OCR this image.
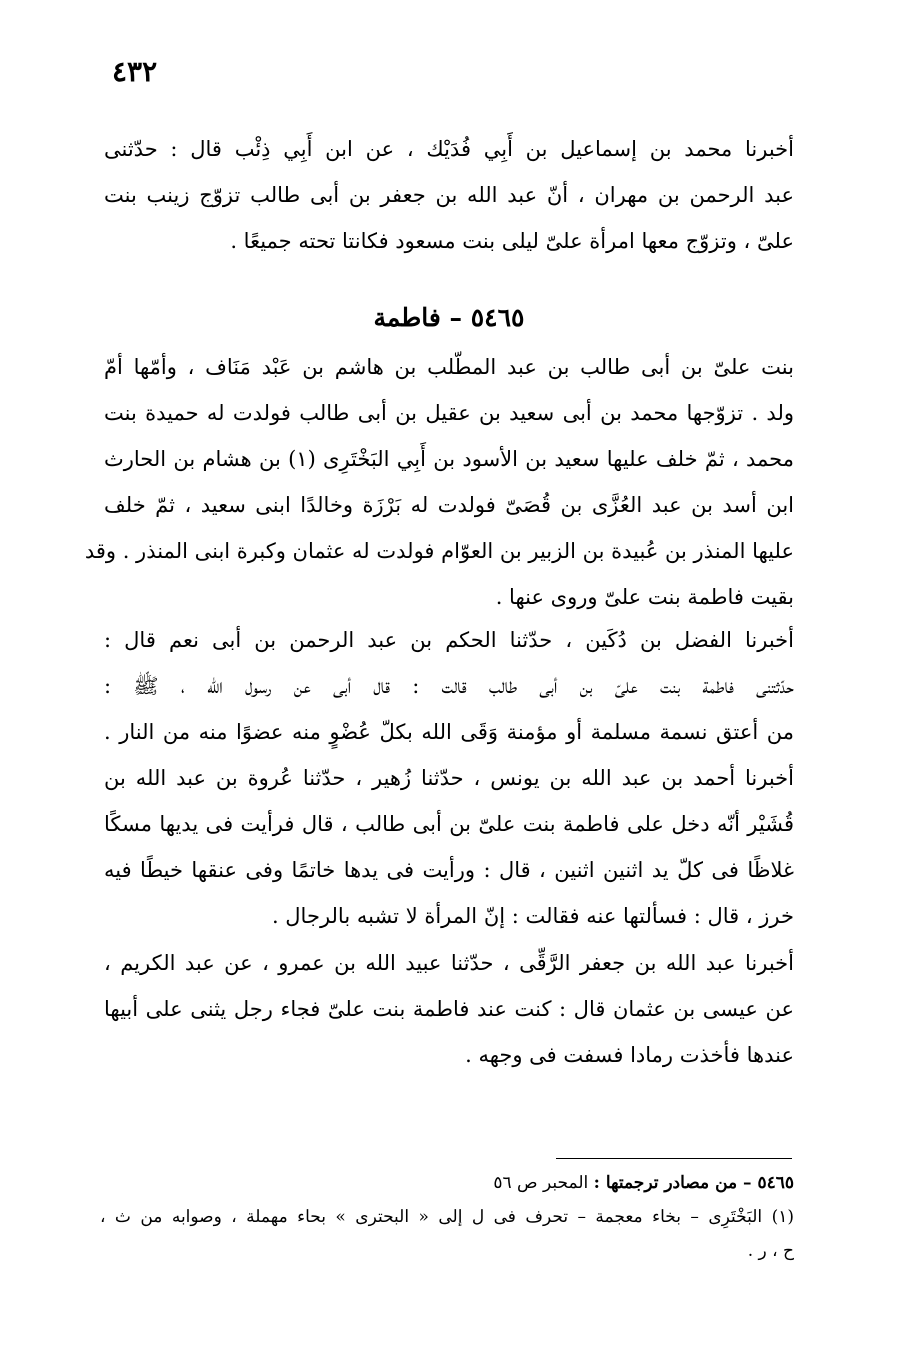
٤٣٢
أخبرنا محمد بن إسماعيل بن أَبِي فُدَيْك ، عن ابن أَبِي ذِئْب قال : حدّثنى
عبد الرحمن بن مهران ، أنّ عبد الله بن جعفر بن أبى طالب تزوّج زينب بنت
علىّ ، وتزوّج معها امرأة علىّ ليلى بنت مسعود فكانتا تحته جميعًا .
٥٤٦٥ – فاطمة
بنت علىّ بن أبى طالب بن عبد المطّلب بن هاشم بن عَبْد مَنَاف ، وأمّها أمّ
ولد . تزوّجها محمد بن أبى سعيد بن عقيل بن أبى طالب فولدت له حميدة بنت
محمد ، ثمّ خلف عليها سعيد بن الأسود بن أَبِي البَخْتَرِى (١) بن هشام بن الحارث
ابن أسد بن عبد العُزَّى بن قُصَىّ فولدت له بَرْزَة وخالدًا ابنى سعيد ، ثمّ خلف
عليها المنذر بن عُبيدة بن الزبير بن العوّام فولدت له عثمان وكبرة ابنى المنذر . وقد
بقيت فاطمة بنت علىّ وروى عنها .
أخبرنا الفضل بن دُكَين ، حدّثنا الحكم بن عبد الرحمن بن أبى نعم قال :
حدّثتنى فاطمة بنت علىّ بن أبى طالب قالت : قال أبى عن رسول الله ، ﷺ :
من أعتق نسمة مسلمة أو مؤمنة وَقَى الله بكلّ عُضْوٍ منه عضوًا منه من النار .
أخبرنا أحمد بن عبد الله بن يونس ، حدّثنا زُهير ، حدّثنا عُروة بن عبد الله بن
قُشَيْر أنّه دخل على فاطمة بنت علىّ بن أبى طالب ، قال فرأيت فى يديها مسكًا
غلاظًا فى كلّ يد اثنين اثنين ، قال : ورأيت فى يدها خاتمًا وفى عنقها خيطًا فيه
خرز ، قال : فسألتها عنه فقالت : إنّ المرأة لا تشبه بالرجال .
أخبرنا عبد الله بن جعفر الرَّقِّى ، حدّثنا عبيد الله بن عمرو ، عن عبد الكريم ،
عن عيسى بن عثمان قال : كنت عند فاطمة بنت علىّ فجاء رجل يثنى على أبيها
عندها فأخذت رمادا فسفت فى وجهه .
٥٤٦٥ – من مصادر ترجمتها : المحبر ص ٥٦
(١) البَخْتَرِى – بخاء معجمة – تحرف فى ل إلى « البحترى » بحاء مهملة ، وصوابه من ث ،
ح ، ر .
